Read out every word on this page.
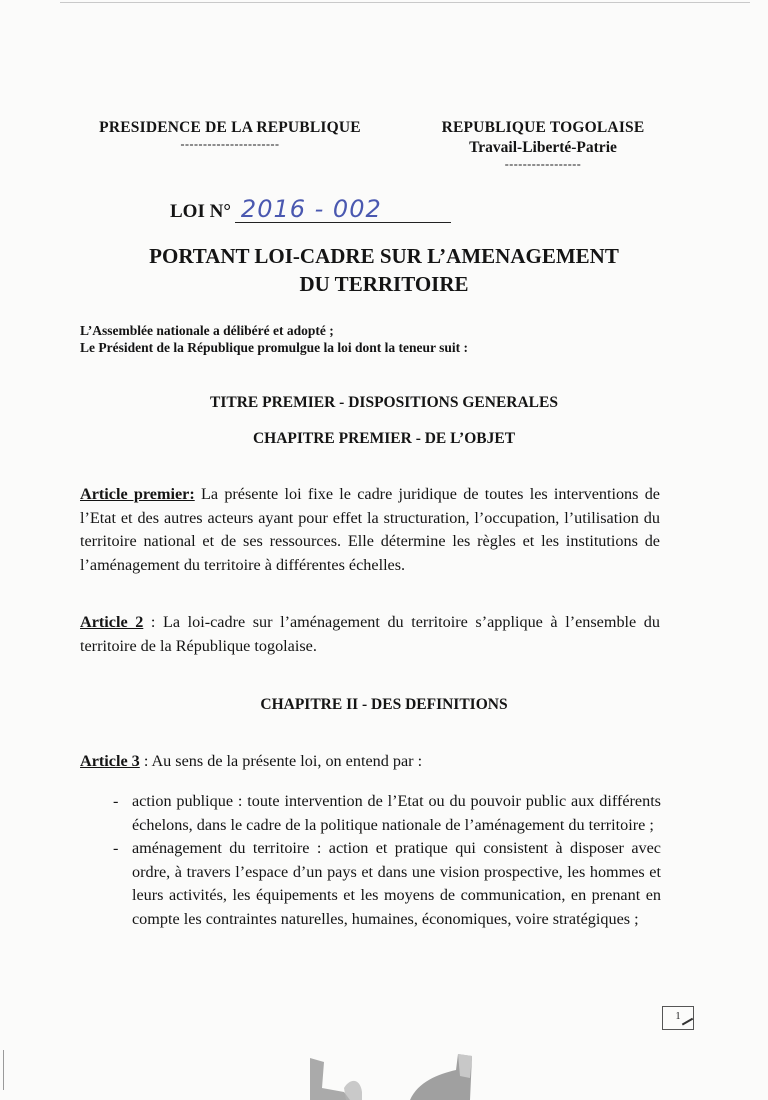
PRESIDENCE DE LA REPUBLIQUE
----------------------
REPUBLIQUE TOGOLAISE
Travail-Liberté-Patrie
-----------------
LOI N° 2016 - 002
PORTANT LOI-CADRE SUR L’AMENAGEMENT
DU TERRITOIRE
L’Assemblée nationale a délibéré et adopté ;
Le Président de la République promulgue la loi dont la teneur suit :
TITRE PREMIER - DISPOSITIONS GENERALES
CHAPITRE PREMIER - DE L’OBJET
Article premier: La présente loi fixe le cadre juridique de toutes les interventions de l’Etat et des autres acteurs ayant pour effet la structuration, l’occupation, l’utilisation du territoire national et de ses ressources. Elle détermine les règles et les institutions de l’aménagement du territoire à différentes échelles.
Article 2 : La loi-cadre sur l’aménagement du territoire s’applique à l’ensemble du territoire de la République togolaise.
CHAPITRE II - DES DEFINITIONS
Article 3 : Au sens de la présente loi, on entend par :
- action publique : toute intervention de l’Etat ou du pouvoir public aux différents échelons, dans le cadre de la politique nationale de l’aménagement du territoire ;
- aménagement du territoire : action et pratique qui consistent à disposer avec ordre, à travers l’espace d’un pays et dans une vision prospective, les hommes et leurs activités, les équipements et les moyens de communication, en prenant en compte les contraintes naturelles, humaines, économiques, voire stratégiques ;
1
